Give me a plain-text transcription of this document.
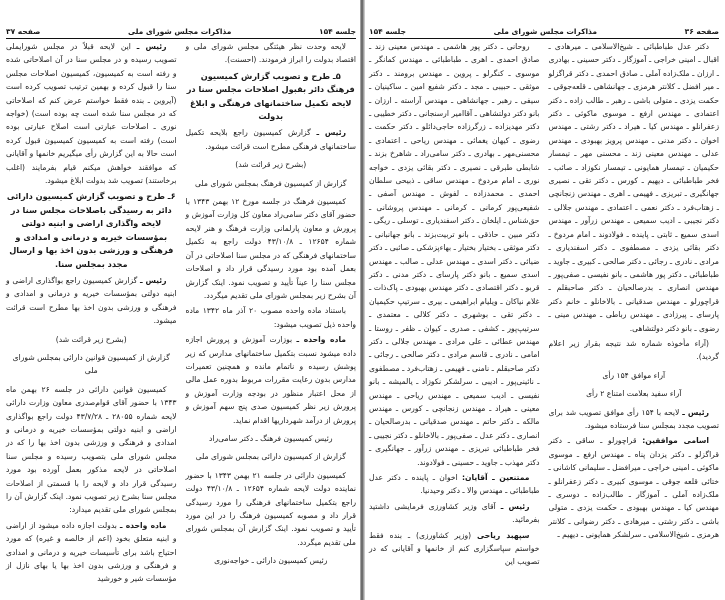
جلسه ۱۵۴
مذاکرات مجلس شورای ملی
صفحه ۳۷

لایحه وحدت نظر هیئتگی مجلس شورای ملی و اقتصاد بدولت را ابراز فرمودند. (احسنت).

۵ـ طرح و تصویب گزارش کمیسیون فرهنگ دائر بقبول اصلاحات مجلس سنا در لایحه تکمیل ساختمانهای فرهنگی و ابلاغ بدولت

رئیس ـ گزارش کمیسیون راجع بلایحه تکمیل ساختمانهای فرهنگی مطرح است قرائت میشود.

(بشرح زیر قرائت شد)

گزارش از کمیسیون فرهنگ بمجلس شورای ملی

کمیسیون فرهنگ در جلسه مورخ ۱۲ بهمن ۱۳۴۳ با حضور آقای دکتر سامی‌راد معاون کل وزارت آموزش و پرورش و معاون پارلمانی وزارت فرهنگ و هنر لایحه شماره ۱۲۶۵۴ ـ ۴۳/۱۰/۸ دولت راجع به تکمیل ساختمانهای فرهنگی که در مجلس سنا اصلاحاتی در آن بعمل آمده بود مورد رسیدگی قرار داد و اصلاحات مجلس سنا را عیناً تأیید و تصویب نمود. اینک گزارش آن بشرح زیر بمجلس شورای ملی تقدیم میگردد.

باستناد ماده واحده مصوب ۲۰ آذر ماه ۱۳۴۲ ماده واحده ذیل تصویب میشود:

ماده واحده ـ بوزارت آموزش و پرورش اجازه داده میشود نسبت بتکمیل ساختمانهای مدارس که زیر پوشش رسیده و ناتمام مانده و همچنین تعمیرات مدارس بدون رعایت مقررات مربوط بدوره عمل مالی از محل اعتبار منظور در بودجه وزارت آموزش و پرورش زیر نظر کمیسیون صدی پنج سهم آموزش و پرورش از درآمد شهرداریها اقدام نماید.

رئیس کمیسیون فرهنگ ـ دکتر سامی‌راد

گزارش از کمیسیون دارائی بمجلس شورای ملی

کمیسیون دارائی در جلسه ۲۱ بهمن ۱۳۴۳ با حضور نماینده دولت لایحه شماره ۱۲۶۵۴ ـ ۴۳/۱۰/۸ دولت راجع بتکمیل ساختمانهای فرهنگی را مورد رسیدگی قرار داد و مصوبه کمیسیون فرهنگ را در این مورد تأیید و تصویب نمود. اینک گزارش آن بمجلس شورای ملی تقدیم میگردد.

رئیس کمیسیون دارائی ـ خواجه‌نوری

رئیس ـ این لایحه قبلاً در مجلس شورایملی تصویب رسیده و در مجلس سنا در آن اصلاحاتی شده و رفته است به کمیسیون، کمیسیون اصلاحات مجلس سنا را قبول کرده و بهمین ترتیب تصویب کرده است (آیروین ـ بنده فقط خواستم عرض کنم که اصلاحاتی که در مجلس سنا شده است چه بوده است) (خواجه نوری ـ اصلاحات عبارتی است اصلاح عبارتی بوده است) رفته است به کمیسیون کمیسیون قبول کرده است حالا به این گزارش رأی میگیریم خانمها و آقایانی که موافقند خواهش میکنم قیام بفرمایند (اغلب برخاستند) تصویب شد بدولت ابلاغ میشود.

۶ـ طرح و تصویب گزارش کمیسیون دارائی دائر به رسیدگی باصلاحات مجلس سنا در لایحه واگذاری اراضی و ابنیه دولتی بمؤسسات خیریه و درمانی و امدادی و فرهنگی و ورزشی بدون اخذ بها و ارسال مجدد بمجلس سنا.

رئیس ـ گزارش کمیسیون راجع بواگذاری اراضی و ابنیه دولتی بمؤسسات خیریه و درمانی و امدادی و فرهنگی و ورزشی بدون اخذ بها مطرح است قرائت میشود.

(بشرح زیر قرائت شد)

گزارش از کمیسیون قوانین دارائی بمجلس شورای ملی

کمیسیون قوانین دارائی در جلسه ۲۶ بهمن ماه ۱۳۴۳ با حضور آقای قوام‌صدری معاون وزارت دارائی لایحه شماره ۲۸۰۵۵ ـ ۴۳/۷/۲۸ دولت راجع بواگذاری اراضی و ابنیه دولتی بمؤسسات خیریه و درمانی و امدادی و فرهنگی و ورزشی بدون اخذ بها را که در مجلس شورای ملی بتصویب رسیده و مجلس سنا اصلاحاتی در لایحه مذکور بعمل آورده بود مورد رسیدگی قرار داد و لایحه را با قسمتی از اصلاحات مجلس سنا بشرح زیر تصویب نمود. اینک گزارش آن را بمجلس شورای ملی تقدیم میدارد:

ماده واحده ـ بدولت اجازه داده میشود از اراضی و ابنیه متعلق بخود (اعم از خالصه و غیره) که مورد احتیاج باشد برای تأسیسات خیریه و درمانی و امدادی و فرهنگی و ورزشی بدون اخذ بها یا بهای نازل از مؤسسات شیر و خورشید

صفحه ۳۶
مذاکرات مجلس شورای ملی
جلسه ۱۵۴

دکتر عدل طباطبائی ـ شیخ‌الاسلامی ـ میرهادی ـ اقبال ـ امینی خراجی ـ آموزگار ـ دکتر حسینی ـ بهادری ـ ارزان ـ ملک‌زاده آملی ـ صادق احمدی ـ دکتر قراگزلو ـ میر افضل ـ کلانتر هرمزی ـ جهانشاهی ـ قلعه‌جوقی ـ حکمت یزدی ـ متولی باشی ـ رهبر ـ طالب زاده ـ دکتر اعتمادی ـ مهندس ارفع ـ موسوی ماکوئی ـ دکتر زعفرانلو ـ مهندس کیا ـ هیراد ـ دکتر رشتی ـ مهندس اخوان ـ دکتر مدنی ـ مهندس پرویز بهبودی ـ مهندس عدلی ـ مهندس معینی زند ـ محسنی مهر ـ تیمسار حکیمیان ـ تیمسار همایونی ـ تیمسار نکوزاد ـ صائب ـ فخر طباطبائی ـ دیهیم ـ کورس ـ دکتر تقی ـ نصیری جهانگیری ـ تبریزی ـ فهیمی ـ اهری ـ مهندس زنجانچی ـ زهتاب‌فرد ـ دکتر نعمی ـ اعتمادی ـ مهندس جلالی ـ دکتر نجیبی ـ ادیب سمیعی ـ مهندس زرآور ـ مهندس اسدی سمیع ـ ثابتی ـ پاینده ـ فولادوند ـ امام مردوخ ـ دکتر بقائی یزدی ـ مصطفوی ـ دکتر اسفندیاری ـ مرادی ـ نادری ـ رجائی ـ دکتر صالحی ـ کبیری ـ جاوید ـ طباطبائی ـ دکتر پور هاشمی ـ بانو نفیسی ـ صفی‌پور ـ مهندس انصاری ـ بدرصالحیان ـ دکتر صاحبقلم ـ قراچورلو ـ مهندس صدقیانی ـ بالاخانلو ـ خانم دکتر پارسای ـ پیرزادی ـ مهندس رباطی ـ مهندس مینی ـ رضوی ـ بانو دکتر دولتشاهی.

(آراء مأخوذه شماره شد نتیجه بقرار زیر اعلام گردید).

آراء موافق ۱۵۴ رأی

آراء سفید بعلامت امتناع ۲ رأی

رئیس ـ لایحه با ۱۵۴ رأی موافق تصویب شد برای تصویب مجدد بمجلس سنا فرستاده میشود.

اسامی موافقین: قراچورلو ـ ساقی ـ دکتر قراگزلو ـ دکتر یزدان پناه ـ مهندس ارفع ـ موسوی ماکوئی ـ امینی خراجی ـ میرافضل ـ سلیمانی کاشانی ـ ختائی قلعه جوقی ـ موسوی کبیری ـ دکتر زعفرانلو ـ ملک‌زاده آملی ـ آموزگار ـ طالب‌زاده ـ دوسری ـ مهندس کیا ـ مهندس بهبودی ـ حکمت یزدی ـ متولی باشی ـ دکتر رشتی ـ میرهادی ـ دکتر رضوانی ـ کلانتر هرمزی ـ شیخ‌الاسلامی ـ سرلشکر همایونی ـ دیهیم ـ

روحانی ـ دکتر پور هاشمی ـ مهندس معینی زند ـ صادق احمدی ـ اهری ـ طباطبائی ـ مهندس کمانگر ـ موسوی ـ کنگرلو ـ پروین ـ مهندس برومند ـ دکتر موثقی ـ حبیبی ـ مجد ـ دکتر شفیع امین ـ ساکینیان ـ سیفی ـ رهبر ـ جهانشاهی ـ مهندس آراسته ـ ارزان ـ بانو دکتر دولتشاهی ـ آقاامیر ارسنجانی ـ دکتر خطیبی ـ دکتر مهدیزاده ـ زرگرزاده حاجی‌دائلو ـ دکتر حکمت ـ رضوی ـ کیهان یغمائی ـ مهندس ریاحی ـ اعتمادی ـ محسنی‌مهر ـ بهادری ـ دکتر سامی‌راد ـ شاهرخ بزند ـ شابطی طبرقی ـ نصیری ـ دکتر بقائی یزدی ـ خواجه نوری ـ امام مردوخ ـ مهندس ساقی ـ ذبیحی سلطان احمدی ـ محمدزاده ـ لفوش ـ مهندس آصفی ـ شفیعی‌پور کرمانی ـ کرمانی ـ مهندس پروشانی ـ حق‌شناس ـ ایلخان ـ دکتر اسفندیاری ـ توسلی ـ ریگی ـ دکتر مبین ـ حاذقی ـ بانو تربیت‌بزند ـ بانو جهانبانی ـ دکتر موثقی ـ بختیار بختیار ـ بهاءپزشکی ـ صائبی ـ دکتر ضیائی ـ دکتر اسدی ـ مهندس عدلی ـ صالب ـ مهندس اسدی سمیع ـ بانو دکتر پارسای ـ دکتر مدنی ـ دکتر قربو ـ دکتر اقتصادی ـ دکتر مهندس بهبودی ـ پاک‌ذات ـ غلام نیاکان ـ ویلیام ابراهیمی ـ بیری ـ سرتیپ حکیمیان ـ دکتر تقی ـ بوشهری ـ دکتر کلالی ـ معتمدی ـ سرتیپ‌پور ـ کشفی ـ صدری ـ کیوان ـ ظفر ـ روستا ـ مهندس عطائی ـ علی مرادی ـ مهندس جلالی ـ دکتر امامی ـ نادری ـ قاسم مرادی ـ دکتر صالحی ـ رجائی ـ دکتر صاحبقلم ـ نامنی ـ فهیمی ـ زهتاب‌فرد ـ مصطفوی ـ نائینی‌پور ـ ادیبی ـ سرلشکر نکوزاد ـ یالمیشه ـ بانو نفیسی ـ ادیب سمیعی ـ مهندس ریاحی ـ مهندس معینی ـ هیراد ـ مهندس زنجانچی ـ کورس ـ مهندس مالکه ـ دکتر حاتم ـ مهندس صدقیانی ـ بدرصالحیان ـ انصاری ـ دکتر عدل ـ صفی‌پور ـ بالاخانلو ـ دکتر نجیبی ـ فخر طباطبائی تبریزی ـ مهندس زرآور ـ جهانگیری ـ دکتر مهذب ـ جاوید ـ حسینی ـ فولادوند.

ممتنعین ـ آقایان: اخوان ـ پاینده ـ دکتر عدل طباطبائی ـ مهندس والا ـ دکتر وحیدنیا.

رئیس ـ آقای وزیر کشاورزی فرمایشی داشتید بفرمائید.

سپهبد ریاحی (وزیر کشاورزی) ـ بنده فقط خواستم سپاسگزاری کنم از خانمها و آقایانی که در تصویب این
